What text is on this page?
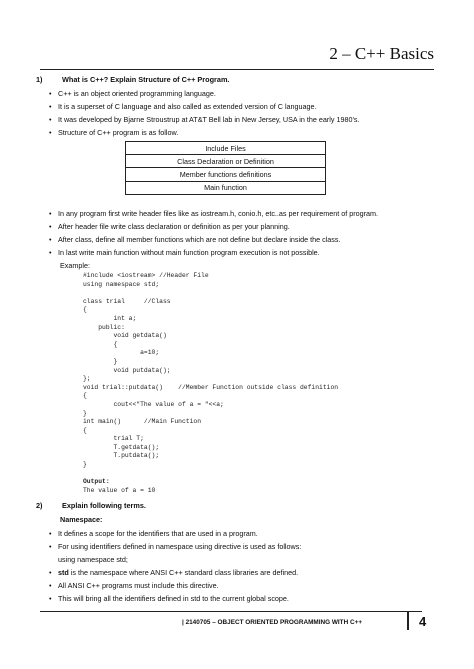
2 – C++ Basics
1)	What is C++? Explain Structure of C++ Program.
• C++ is an object oriented programming language.
• It is a superset of C language and also called as extended version of C language.
• It was developed by Bjarne Stroustrup at AT&T Bell lab in New Jersey, USA in the early 1980’s.
• Structure of C++ program is as follow.
Include Files
Class Declaration or Definition
Member functions definitions
Main function
• In any program first write header files like as iostream.h, conio.h, etc..as per requirement of program.
• After header file write class declaration or definition as per your planning.
• After class, define all member functions which are not define but declare inside the class.
• In last write main function without main function program execution is not possible.
Example:
#include <iostream> //Header File
using namespace std;

class trial     //Class
{
int a;
public:
void getdata()
{
a=10;
}
void putdata();
};
void trial::putdata()    //Member Function outside class definition
{
cout<<"The value of a = "<<a;
}
int main()      //Main Function
{
trial T;
T.getdata();
T.putdata();
}

Output:
The value of a = 10
2)	Explain following terms.
Namespace:
• It defines a scope for the identifiers that are used in a program.
• For using identifiers defined in namespace using directive is used as follows:
using namespace std;
• std is the namespace where ANSI C++ standard class libraries are defined.
• All ANSI C++ programs must include this directive.
• This will bring all the identifiers defined in std to the current global scope.
| 2140705 – OBJECT ORIENTED PROGRAMMING WITH C++	4
